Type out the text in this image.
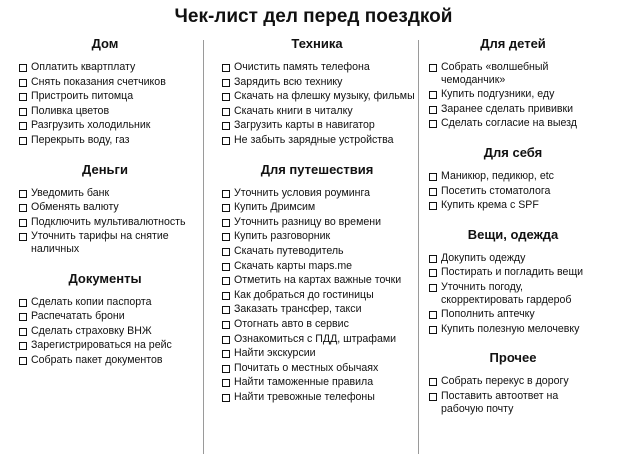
Чек-лист дел перед поездкой
Дом
Оплатить квартплату
Снять показания счетчиков
Пристроить питомца
Поливка цветов
Разгрузить холодильник
Перекрыть воду, газ
Деньги
Уведомить банк
Обменять валюту
Подключить мультивалютность
Уточнить тарифы на снятие наличных
Документы
Сделать копии паспорта
Распечатать брони
Сделать страховку ВНЖ
Зарегистрироваться на рейс
Собрать пакет документов
Техника
Очистить память телефона
Зарядить всю технику
Скачать на флешку музыку, фильмы
Скачать книги в читалку
Загрузить карты в навигатор
Не забыть зарядные устройства
Для путешествия
Уточнить условия роуминга
Купить Дримсим
Уточнить разницу во времени
Купить разговорник
Скачать путеводитель
Скачать карты maps.me
Отметить на картах важные точки
Как добраться до гостиницы
Заказать трансфер, такси
Отогнать авто в сервис
Ознакомиться с ПДД, штрафами
Найти экскурсии
Почитать о местных обычаях
Найти таможенные правила
Найти тревожные телефоны
Для детей
Собрать «волшебный чемоданчик»
Купить подгузники, еду
Заранее сделать прививки
Сделать согласие на выезд
Для себя
Маникюр, педикюр, etc
Посетить стоматолога
Купить крема с SPF
Вещи, одежда
Докупить одежду
Постирать и погладить вещи
Уточнить погоду, скорректировать гардероб
Пополнить аптечку
Купить полезную мелочевку
Прочее
Собрать перекус в дорогу
Поставить автоответ на рабочую почту
